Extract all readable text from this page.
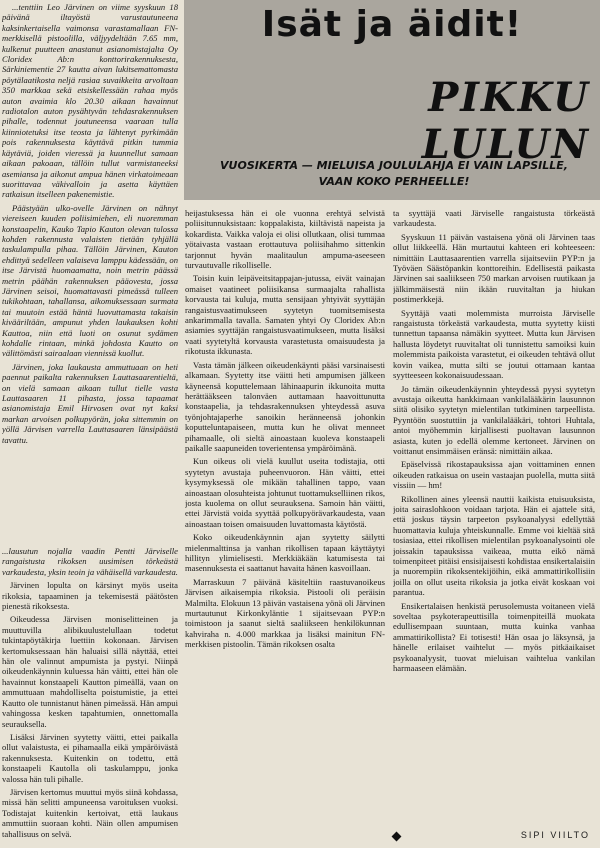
Isät ja äidit!
PIKKU LULUN
VUOSIKERTA — MIELUISA JOULULAHJA EI VAIN LAPSILLE,
VAAN KOKO PERHEELLE!

...tenttiin Leo Järvinen on viime syyskuun 18 päivänä iltayöstä varustautuneena kaksinkertaisella vaimonsa varastamallaan FN-merkkisellä pistoolilla, väljyydeltään 7.65 mm, kulkenut puutteen anastanut asianomistajalta Oy Cloridex Ab:n konttorirakennuksesta, Särkiniementie 27 kautta aivan lukitsemattomasta pöytälaatikosta neljä rasiaa suvaikkeita arvoltaan 350 markkaa sekä etsiskellessään rahaa myös auton avaimia klo 20.30 aikaan havainnut radiotalon auton pysähtyvän tehdasrakennuksen pihalle, todennut joutuneensa vaaraan tulla kiinniotetuksi itse teosta ja lähtenyt pyrkimään pois rakennuksesta käyttävä pitkin tummia käytäviä, joiden vieressä ja kuunnellut samaan aikaan pakoaan, tällöin tullut varmistaneeksi asemiansa ja aikonut ampua hänen virkatoimeaan suorittavaa väkivalloin ja asetta käyttäen ratkaisun itselleen pakenemistie.

Päästyään ulko-ovelle Järvinen on nähnyt viereiseen kuuden poliisimiehen, eli nuoremman konstaapelin, Kauko Tapio Kauton olevan tulossa kohden rakennusta valaisten tietään tyhjällä taskulampulla pihaa. Tällöin Järvinen, Kauton ehdittyä sedelleen valaiseva lamppu kädessään, on itse Järvistä huomaamatta, noin metrin päässä metrin päähän rakennuksen pääovesta, jossa Järvinen seisoi, huomattavasti pimeässä tulleen tukikohtaan, tahallansa, aikomuksessaan surmata tai muutoin estää häntä luovuttamasta takaisin kivääriltään, ampunut yhden laukauksen kohti Kauttoa, niin että luoti on osunut sydämen kohdalle rintaan, minkä johdosta Kautto on välittömästi sairaalaan viennissä kuollut.

Järvinen, joka laukausta ammuttuaan on heti paennut paikalta rakennuksen Lauttasaarentieltä, on vielä samaan aikaan tullut tielle vasta Lauttasaaren 11 pihasta, jossa tapaamat asianomistaja Emil Hirvosen ovat nyt kaksi markan arvoisen polkupyörän, joka sittemmin on yöllä Järvisen varrella Lauttasaaren länsipäästä tavattu.

...lausutun nojalla vaadin Pentti Järviselle rangaistusta rikoksen uusimisen törkeästä varkaudesta, yksin teoin ja vähäisellä varkaudesta.

Järvinen lopulta on kärsinyt myös useita rikoksia, tapaaminen ja tekemisestä päätösten pienestä rikoksesta.

Oikeudessa Järvisen moniselitteinen ja muuttuvilla alibikuulustelullaan todetut tukintapöytäkirja luettiin kokonaan. Järvisen kertomuksessaan hän haluaisi sillä näyttää, ettei hän ole valinnut ampumista ja pystyi. Niinpä oikeudenkäynnin kuluessa hän väitti, ettei hän ole havainnut konstaapeli Kautton pimeällä, vaan on ammuttuaan mahdolliselta poistumistie, ja ettei Kautto ole tunnistanut hänen pimeässä. Hän ampui vahingossa kesken tapahtumien, onnettomalla seurauksella.

Lisäksi Järvinen syytetty väitti, ettei paikalla ollut valaistusta, ei pihamaalla eikä ympäröivästä rakennuksesta. Kuitenkin on todettu, että konstaapeli Kautolla oli taskulamppu, jonka valossa hän tuli pihalle.

Järvisen kertomus muuttui myös siinä kohdassa, missä hän selitti ampuneensa varoituksen vuoksi. Todistajat kuitenkin kertoivat, että laukaus ammuttiin suoraan kohti. Näin ollen ampumisen tahallisuus on selvä.

heijastuksessa hän ei ole vuonna erehtyä selvistä poliisitunnuksistaan: koppalakista, kiiltävistä napeista ja kokardista. Vaikka valoja ei olisi ollutkaan, olisi tummaa yötaivasta vastaan erottautuva poliisihahmo sittenkin tarjonnut hyvän maalitaulun ampuma-aseeseen turvautuvalle rikolliselle.

Toisin kuin leipäveitsitappajan-jutussa, eivät vainajan omaiset vaatineet poliisikansa surmaajalta rahallista korvausta tai kuluja, mutta sensijaan yhtyivät syyttäjän rangaistusvaatimukseen syytetyn tuomitsemisesta ankarimmalla tavalla. Samaten yhtyi Oy Cloridex Ab:n asiamies syyttäjän rangaistusvaatimukseen, mutta lisäksi vaati syytetyltä korvausta varastetusta omaisuudesta ja rikotusta ikkunasta.

Vasta tämän jälkeen oikeudenkäynti pääsi varsinaisesti alkamaan. Syytetty itse väitti heti ampumisen jälkeen käyneensä koputtelemaan lähinaapurin ikkunoita mutta herättääkseen talonväen auttamaan haavoittunutta konstaapelia, ja tehdasrakennuksen yhteydessä asuva työnjohtajaperhe sanoikin heränneensä johonkin koputteluntapaiseen, mutta kun he olivat menneet pihamaalle, oli sieltä ainoastaan kuoleva konstaapeli paikalle saapuneiden toverientensa ympäröimänä.

Kun oikeus oli vielä kuullut useita todistajia, otti syytetyn avustaja puheenvuoron. Hän väitti, ettei kysymyksessä ole mikään tahallinen tappo, vaan ainoastaan olosuhteista johtunut tuottamukselliinen rikos, josta kuolema on ollut seurauksena. Samoin hän väitti, ettei Järvistä voida syyttää polkupyörävarkaudesta, vaan ainoastaan toisen omaisuuden luvattomasta käytöstä.

Koko oikeudenkäynnin ajan syytetty säilytti mielenmalttinsa ja vanhan rikollisen tapaan käyttäytyi hillityn ylimielisesti. Merkkiäkään katumisesta tai masennuksesta ei saattanut havaita hänen kasvoillaan.

Marraskuun 7 päivänä käsiteltiin raastuvanoikeus Järvisen aikaisempia rikoksia. Pistooli oli peräisin Malmilta. Elokuun 13 päivän vastaisena yönä oli Järvinen murtautunut Kirkonkyläntie 1 sijaitsevaan PYP:n toimistoon ja saanut sieltä saaliikseen henkilökunnan kahviraha n. 4.000 markkaa ja lisäksi mainitun FN-merkkisen pistoolin. Tämän rikoksen osalta

ta syyttäjä vaati Järviselle rangaistusta törkeästä varkaudesta.

Syyskuun 11 päivän vastaisena yönä oli Järvinen taas ollut liikkeellä. Hän murtautui kahteen eri kohteeseen: nimittäin Lauttasaarentien varrella sijaitseviin PYP:n ja Työväen Säästöpankin konttoreihin. Edellisestä paikasta Järvinen sai saaliikseen 750 markan arvoisen ruutikaan ja jälkimmäisestä niin ikään ruuvitaltan ja hiukan postimerkkejä.

Syyttäjä vaati molemmista murroista Järviselle rangaistusta törkeästä varkaudesta, mutta syytetty kiisti tunnettun tapaansa nämäkin syytteet. Mutta kun Järvisen hallusta löydetyt ruuvitaltat oli tunnistettu samoiksi kuin molemmista paikoista varastetut, ei oikeuden tehtävä ollut kovin vaikea, mutta silti se joutui ottamaan kantaa syytteeseen kokonaisuudessaan.

Jo tämän oikeudenkäynnin yhteydessä pyysi syytetyn avustaja oikeutta hankkimaan vankilalääkärin lausunnon siitä olisiko syytetyn mielentilan tutkiminen tarpeellista. Pyyntöön suostuttiin ja vankilalääkäri, tohtori Huhtala, antoi myöhemmin kirjallisesti puoltavan lausunnon asiasta, kuten jo edellä olemme kertoneet. Järvinen on voittanut ensimmäisen eränsä: nimittäin aikaa.

Epäselvissä rikostapauksissa ajan voittaminen ennen oikeuden ratkaisua on usein vastaajan puolella, mutta siitä vissiin — hm!

Rikollinen aines yleensä nauttii kaikista etuisuuksista, joita sairaslohkoon voidaan tarjota. Hän ei ajattele sitä, että joskus täysin tarpeeton psykoanalyysi edellyttää huomattavia kuluja yhteiskunnalle. Emme voi kieltää sitä tosiasiaa, ettei rikollisen mielentilan psykoanalysointi ole joissakin tapauksissa vaikeaa, mutta eikö nämä toimenpiteet pitäisi ensisijaisesti kohdistaa ensikertalaisiin ja nuorempiin rikoksentekijöihin, eikä ammattirikollisiin joilla on ollut useita rikoksia ja jotka eivät koskaan voi parantua.

Ensikertalaisen henkistä perusolemusta voitaneen vielä soveltaa psykoterapeuttisilla toimenpiteillä muokata edullisempaan suuntaan, mutta kuinka vanhaa ammattirikollista? Ei totisesti! Hän osaa jo läksynsä, ja hänelle erilaiset vaihtelut — myös pitkäaikaiset psykoanalyysit, tuovat mieluisan vaihtelua vankilan harmaaseen elämään.

SIPI VIILTO
